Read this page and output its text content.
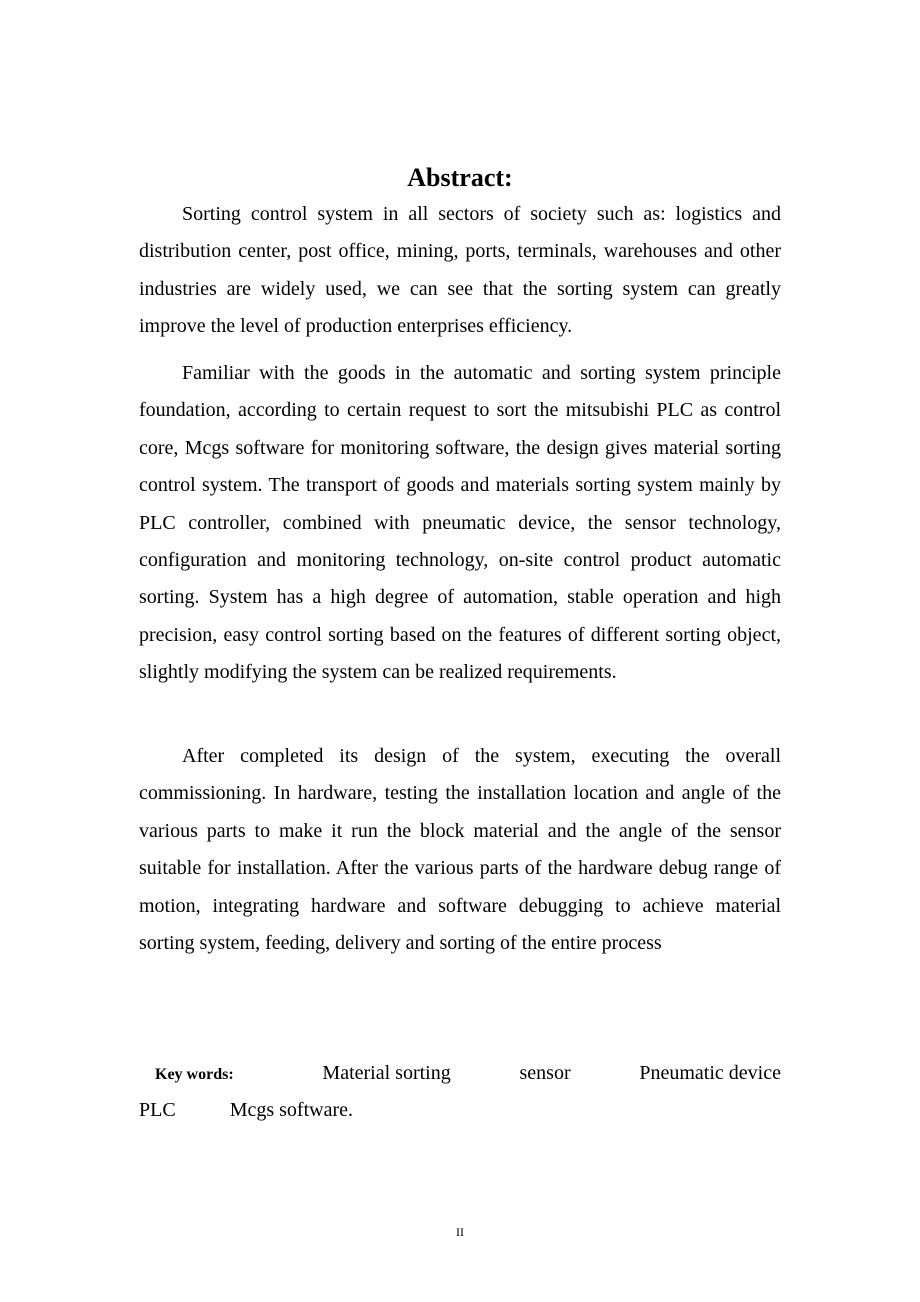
Abstract:

Sorting control system in all sectors of society such as: logistics and distribution center, post office, mining, ports, terminals, warehouses and other industries are widely used, we can see that the sorting system can greatly improve the level of production enterprises efficiency.

Familiar with the goods in the automatic and sorting system principle foundation, according to certain request to sort the mitsubishi PLC as control core, Mcgs software for monitoring software, the design gives material sorting control system. The transport of goods and materials sorting system mainly by PLC controller, combined with pneumatic device, the sensor technology, configuration and monitoring technology, on-site control product automatic sorting. System has a high degree of automation, stable operation and high precision, easy control sorting based on the features of different sorting object, slightly modifying the system can be realized requirements.

After completed its design of the system, executing the overall commissioning. In hardware, testing the installation location and angle of the various parts to make it run the block material and the angle of the sensor suitable for installation. After the various parts of the hardware debug range of motion, integrating hardware and software debugging to achieve material sorting system, feeding, delivery and sorting of the entire process

Key words:	Material sorting	sensor	Pneumatic device
PLC	Mcgs software.
II
